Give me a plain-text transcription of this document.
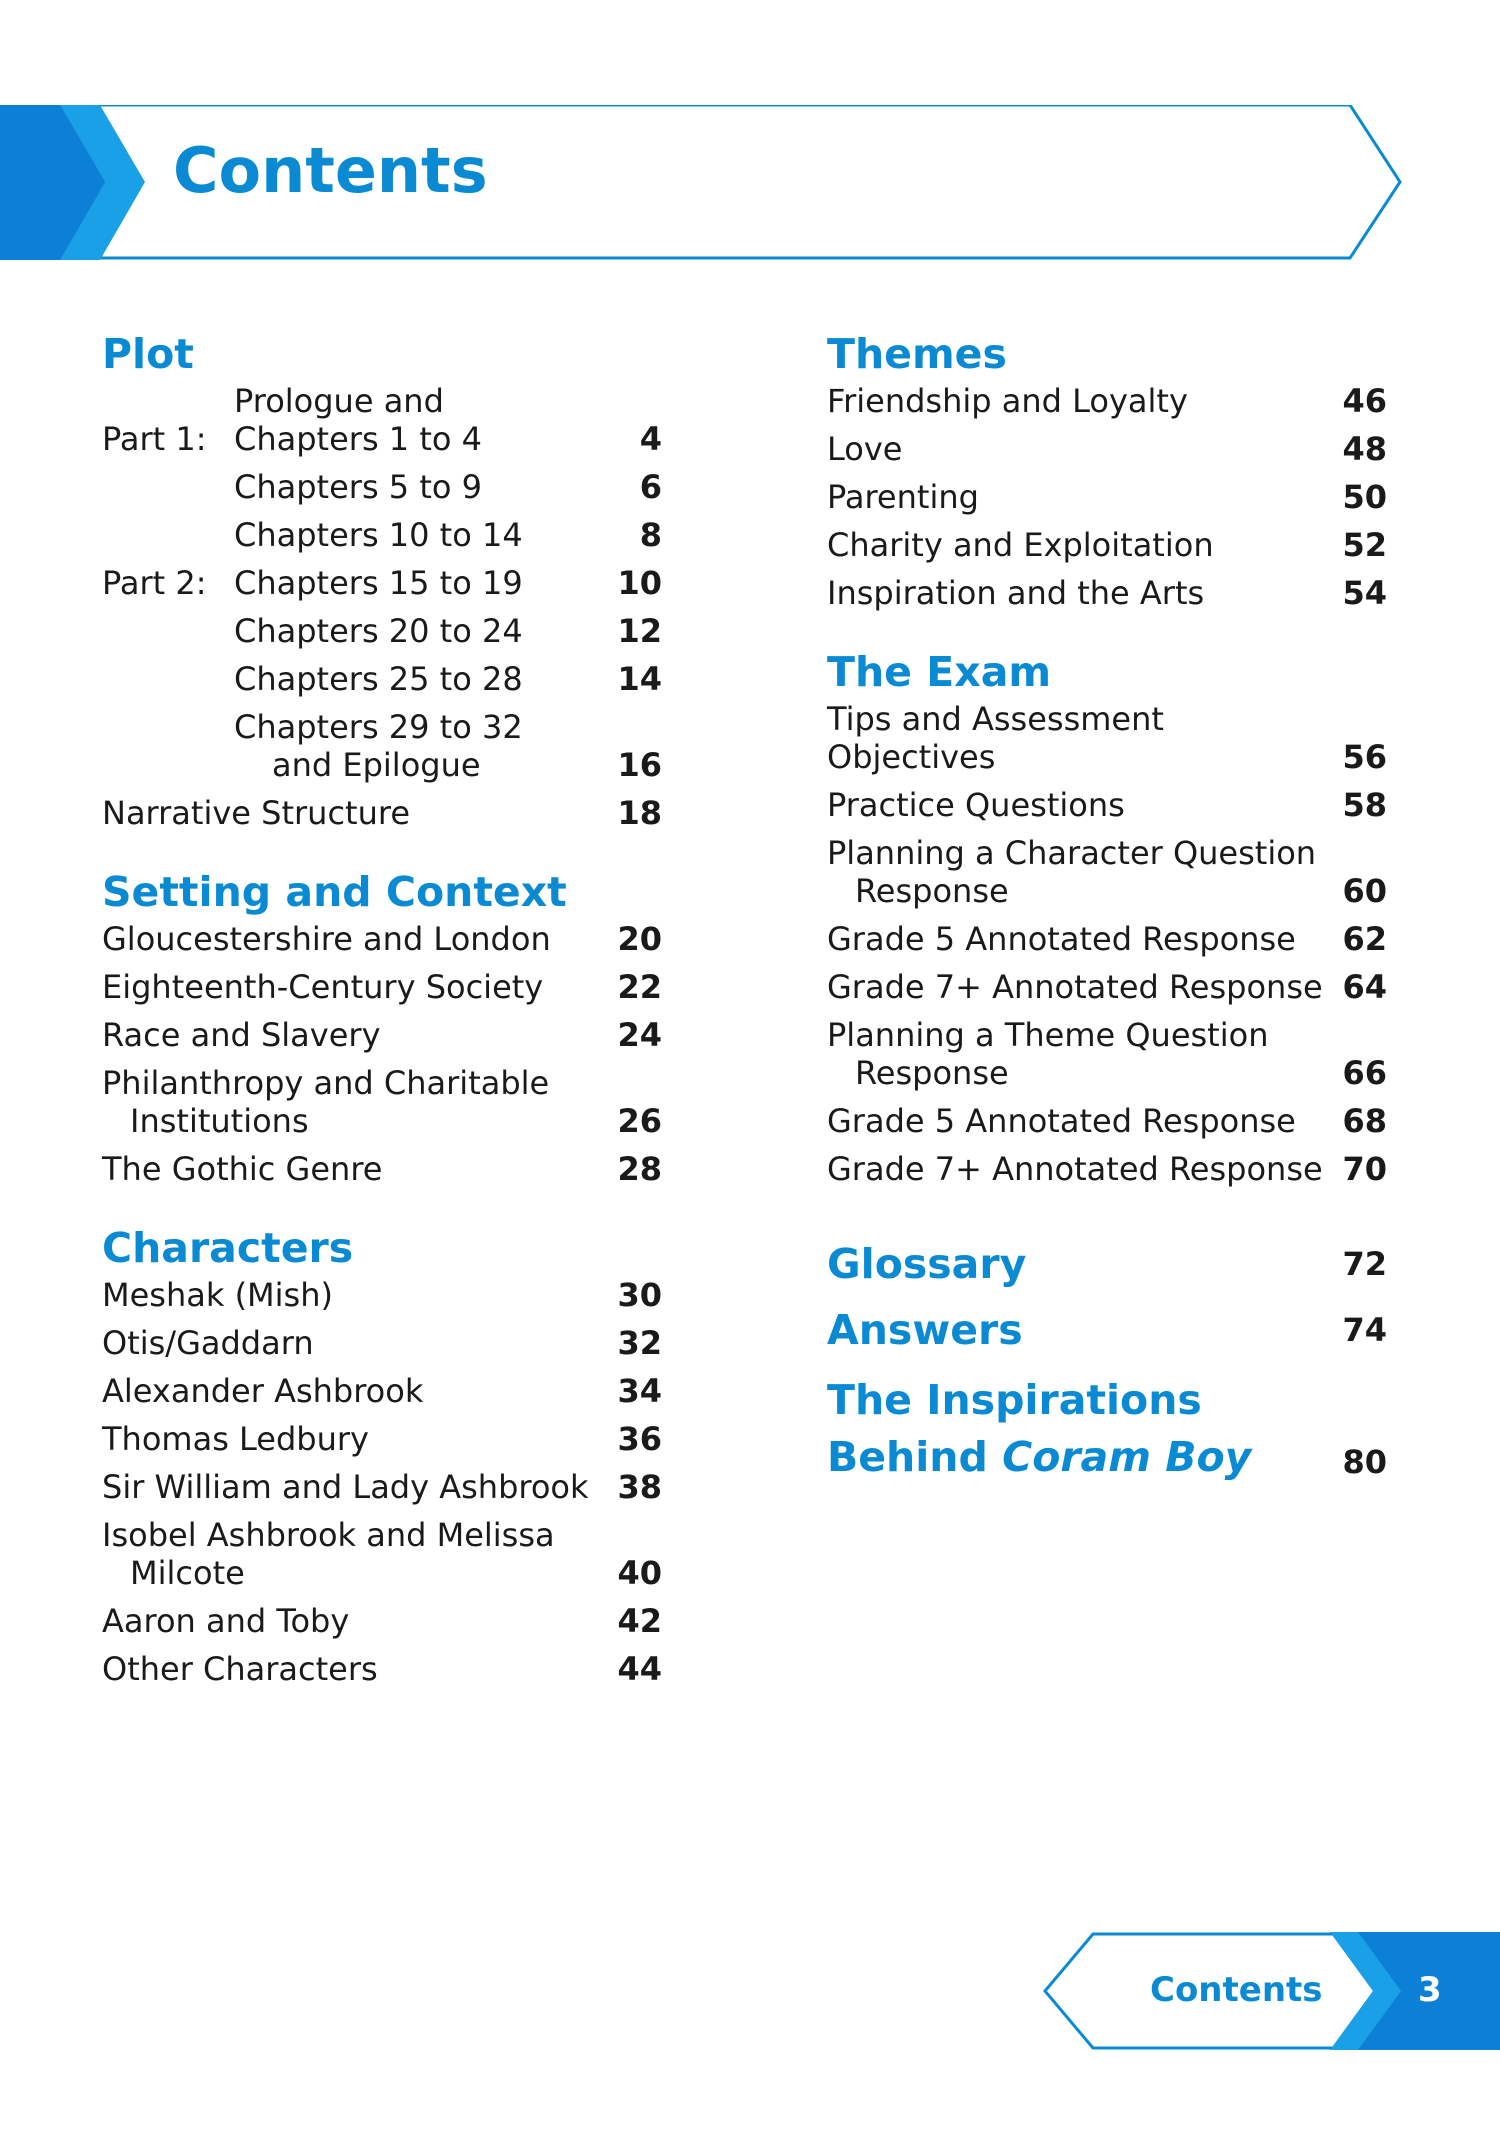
Contents
Plot
Part 1:
Prologue and
Chapters 1 to 4	4
Chapters 5 to 9	6
Chapters 10 to 14	8
Part 2: Chapters 15 to 19	10
Chapters 20 to 24	12
Chapters 25 to 28	14
Chapters 29 to 32
and Epilogue	16
Narrative Structure	18
Setting and Context
Gloucestershire and London	20
Eighteenth-Century Society	22
Race and Slavery	24
Philanthropy and Charitable
Institutions	26
The Gothic Genre	28
Characters
Meshak (Mish)	30
Otis/Gaddarn	32
Alexander Ashbrook	34
Thomas Ledbury	36
Sir William and Lady Ashbrook 38
Isobel Ashbrook and Melissa
Milcote	40
Aaron and Toby	42
Other Characters	44
Themes
Friendship and Loyalty	46
Love	48
Parenting	50
Charity and Exploitation	52
Inspiration and the Arts	54
The Exam
Tips and Assessment Objectives	56
Practice Questions	58
Planning a Character Question
Response	60
Grade 5 Annotated Response	62
Grade 7+ Annotated Response 64
Planning a Theme Question
Response	66
Grade 5 Annotated Response	68
Grade 7+ Annotated Response 70
Glossary	72
Answers	74
The Inspirations
Behind Coram Boy	80
Contents	3
